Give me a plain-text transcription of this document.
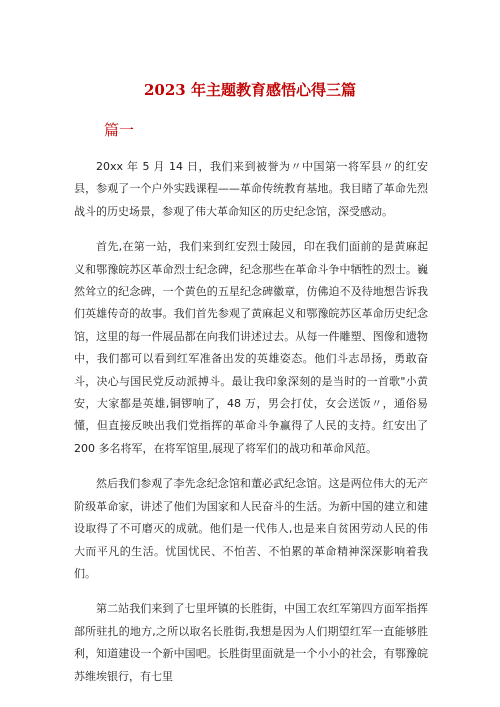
2023 年主题教育感悟心得三篇
篇一

20xx 年 5 月 14 日，我们来到被誉为〃中国第一将军县〃的红安县，参观了一个户外实践课程——革命传统教育基地。我目睹了革命先烈战斗的历史场景，参观了伟大革命知区的历史纪念馆，深受感动。

首先,在第一站，我们来到红安烈士陵园，印在我们面前的是黄麻起义和鄂豫皖苏区革命烈士纪念碑，纪念那些在革命斗争中牺牲的烈士。巍然耸立的纪念碑，一个黄色的五星纪念碑徽章，仿佛迫不及待地想告诉我们英雄传奇的故事。我们首先参观了黄麻起义和鄂豫皖苏区革命历史纪念馆，这里的每一件展品都在向我们讲述过去。从每一件雕塑、图像和遗物中，我们都可以看到红军准备出发的英雄姿态。他们斗志昂扬，勇敢奋斗，决心与国民党反动派搏斗。最让我印象深刻的是当时的一首歌"小黄安，大家都是英雄,铜锣响了，48 万，男会打仗，女会送饭〃，通俗易懂，但直接反映出我们党指挥的革命斗争赢得了人民的支持。红安出了 200 多名将军，在将军馆里,展现了将军们的战功和革命风范。

然后我们参观了李先念纪念馆和董必武纪念馆。这是两位伟大的无产阶级革命家，讲述了他们为国家和人民奋斗的生活。为新中国的建立和建设取得了不可磨灭的成就。他们是一代伟人,也是来自贫困劳动人民的伟大而平凡的生活。忧国忧民、不怕苦、不怕累的革命精神深深影响着我们。

第二站我们来到了七里坪镇的长胜街，中国工农红军第四方面军指挥部所驻扎的地方,之所以取名长胜街,我想是因为人们期望红军一直能够胜利，知道建设一个新中国吧。长胜街里面就是一个小小的社会，有鄂豫皖苏维埃银行，有七里
